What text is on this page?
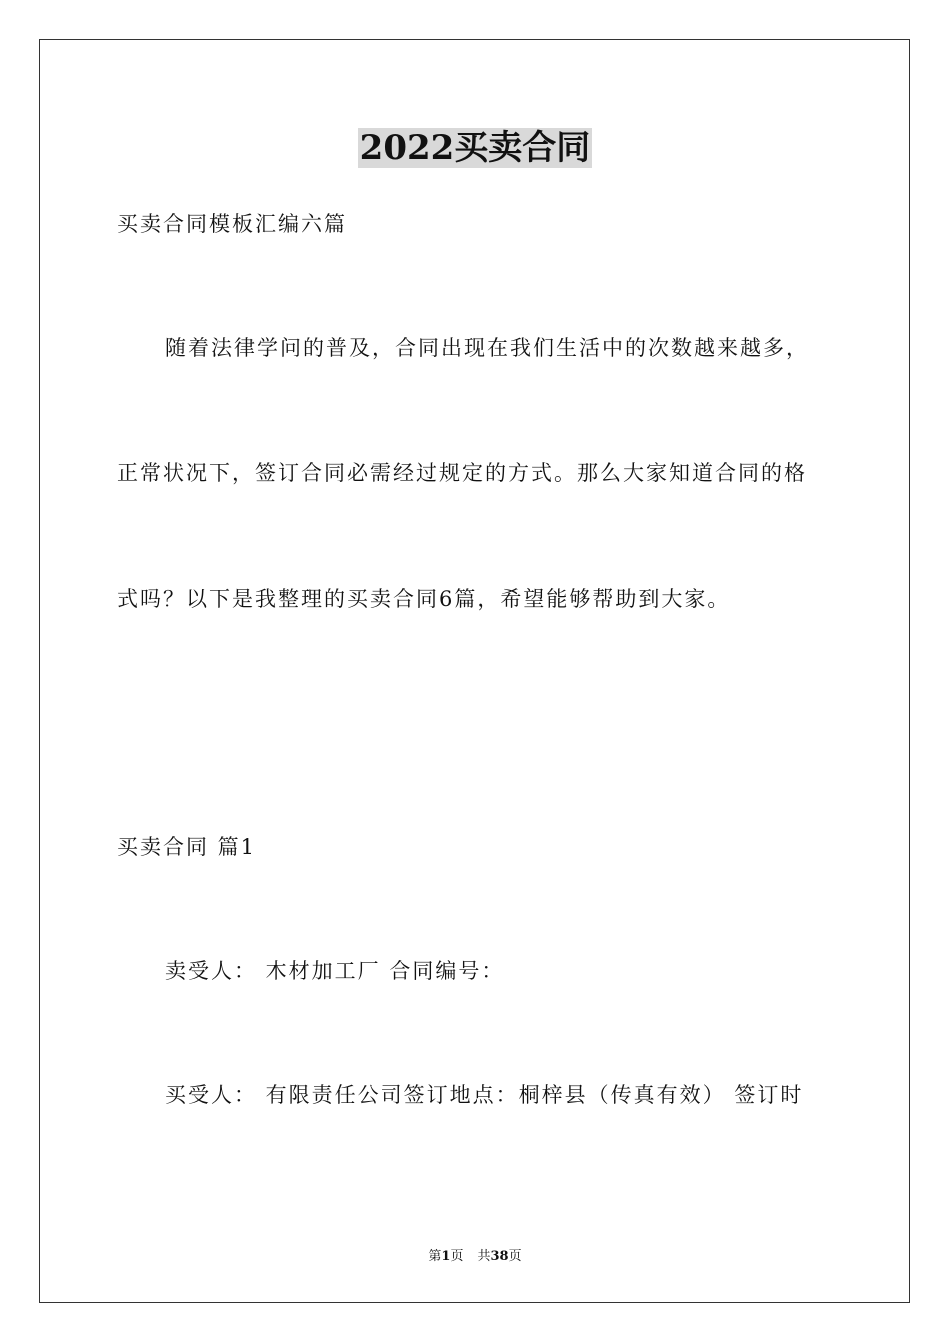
2022买卖合同
买卖合同模板汇编六篇
随着法律学问的普及，合同出现在我们生活中的次数越来越多，
正常状况下，签订合同必需经过规定的方式。那么大家知道合同的格
式吗？以下是我整理的买卖合同6篇，希望能够帮助到大家。
买卖合同 篇1
卖受人： 木材加工厂 合同编号：
买受人： 有限责任公司签订地点：桐梓县（传真有效） 签订时
第1页 共38页
